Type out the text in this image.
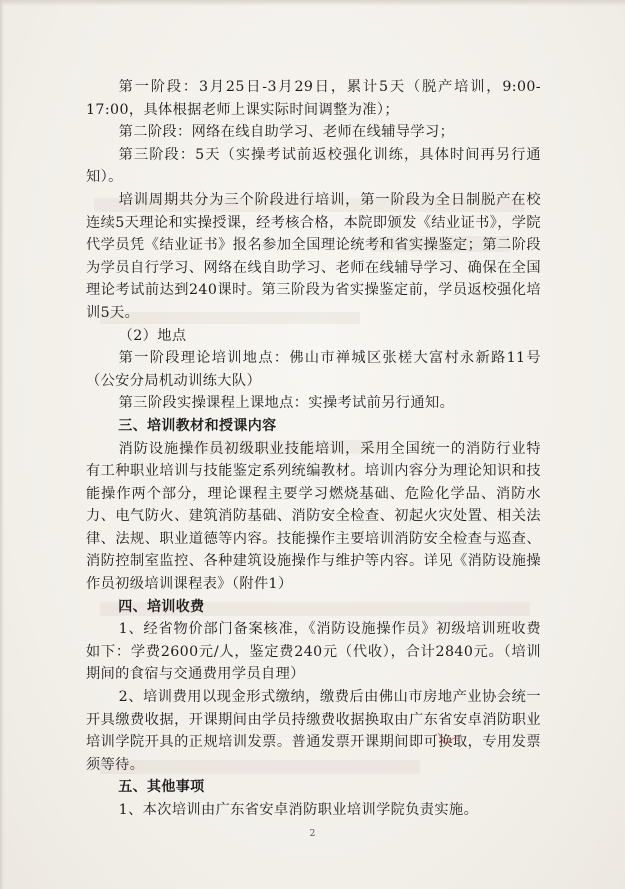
第一阶段：3月25日-3月29日，累计5天（脱产培训，9:00-17:00，具体根据老师上课实际时间调整为准）；

第二阶段：网络在线自助学习、老师在线辅导学习；

第三阶段：5天（实操考试前返校强化训练，具体时间再另行通知）。

培训周期共分为三个阶段进行培训，第一阶段为全日制脱产在校连续5天理论和实操授课，经考核合格，本院即颁发《结业证书》，学院代学员凭《结业证书》报名参加全国理论统考和省实操鉴定；第二阶段为学员自行学习、网络在线自助学习、老师在线辅导学习、确保在全国理论考试前达到240课时。第三阶段为省实操鉴定前，学员返校强化培训5天。

（2）地点

第一阶段理论培训地点：佛山市禅城区张槎大富村永新路11号（公安分局机动训练大队）

第三阶段实操课程上课地点：实操考试前另行通知。

三、培训教材和授课内容

消防设施操作员初级职业技能培训，采用全国统一的消防行业特有工种职业培训与技能鉴定系列统编教材。培训内容分为理论知识和技能操作两个部分，理论课程主要学习燃烧基础、危险化学品、消防水力、电气防火、建筑消防基础、消防安全检查、初起火灾处置、相关法律、法规、职业道德等内容。技能操作主要培训消防安全检查与巡查、消防控制室监控、各种建筑设施操作与维护等内容。详见《消防设施操作员初级培训课程表》（附件1）

四、培训收费

1、经省物价部门备案核准，《消防设施操作员》初级培训班收费如下：学费2600元/人，鉴定费240元（代收），合计2840元。（培训期间的食宿与交通费用学员自理）

2、培训费用以现金形式缴纳，缴费后由佛山市房地产业协会统一开具缴费收据，开课期间由学员持缴费收据换取由广东省安卓消防职业培训学院开具的正规培训发票。普通发票开课期间即可换取，专用发票须等待。

五、其他事项

1、本次培训由广东省安卓消防职业培训学院负责实施。

2
